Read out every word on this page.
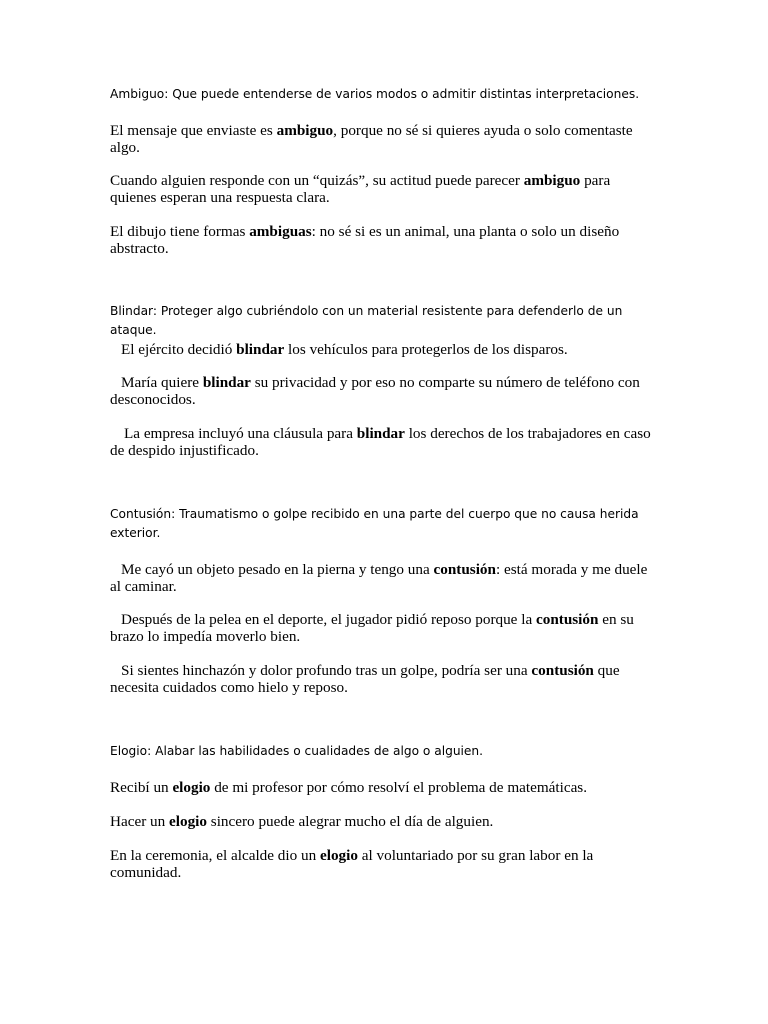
Ambiguo: Que puede entenderse de varios modos o admitir distintas interpretaciones.

El mensaje que enviaste es ambiguo, porque no sé si quieres ayuda o solo comentaste algo.

Cuando alguien responde con un “quizás”, su actitud puede parecer ambiguo para quienes esperan una respuesta clara.

El dibujo tiene formas ambiguas: no sé si es un animal, una planta o solo un diseño abstracto.

Blindar: Proteger algo cubriéndolo con un material resistente para defenderlo de un ataque.

El ejército decidió blindar los vehículos para protegerlos de los disparos.

María quiere blindar su privacidad y por eso no comparte su número de teléfono con desconocidos.

La empresa incluyó una cláusula para blindar los derechos de los trabajadores en caso de despido injustificado.

Contusión: Traumatismo o golpe recibido en una parte del cuerpo que no causa herida exterior.

Me cayó un objeto pesado en la pierna y tengo una contusión: está morada y me duele al caminar.

Después de la pelea en el deporte, el jugador pidió reposo porque la contusión en su brazo lo impedía moverlo bien.

Si sientes hinchazón y dolor profundo tras un golpe, podría ser una contusión que necesita cuidados como hielo y reposo.

Elogio: Alabar las habilidades o cualidades de algo o alguien.

Recibí un elogio de mi profesor por cómo resolví el problema de matemáticas.

Hacer un elogio sincero puede alegrar mucho el día de alguien.

En la ceremonia, el alcalde dio un elogio al voluntariado por su gran labor en la comunidad.
